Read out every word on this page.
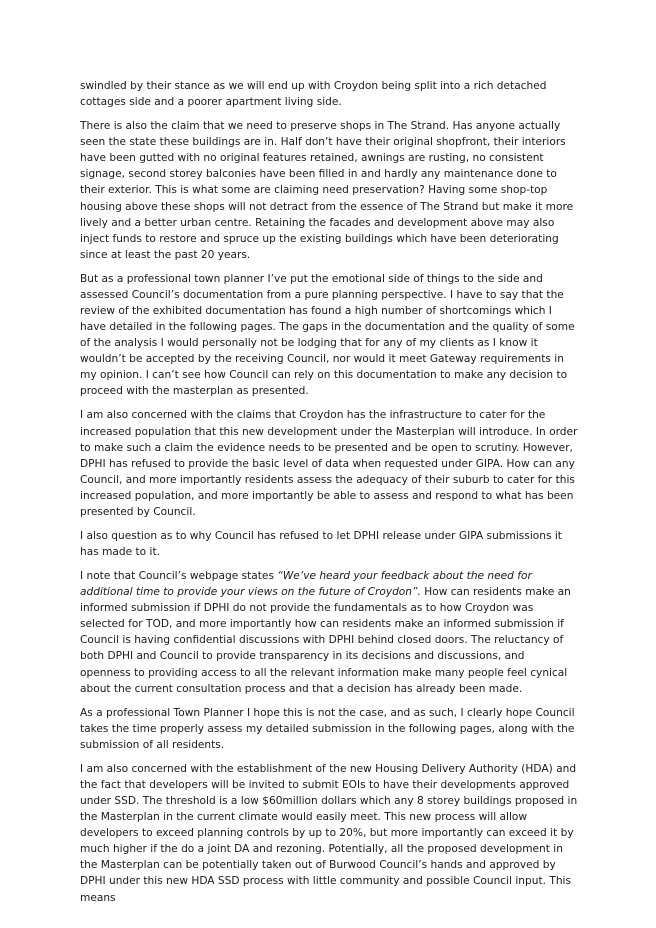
swindled by their stance as we will end up with Croydon being split into a rich detached cottages side and a poorer apartment living side.

There is also the claim that we need to preserve shops in The Strand. Has anyone actually seen the state these buildings are in. Half don’t have their original shopfront, their interiors have been gutted with no original features retained, awnings are rusting, no consistent signage, second storey balconies have been filled in and hardly any maintenance done to their exterior. This is what some are claiming need preservation? Having some shop-top housing above these shops will not detract from the essence of The Strand but make it more lively and a better urban centre. Retaining the facades and development above may also inject funds to restore and spruce up the existing buildings which have been deteriorating since at least the past 20 years.

But as a professional town planner I’ve put the emotional side of things to the side and assessed Council’s documentation from a pure planning perspective. I have to say that the review of the exhibited documentation has found a high number of shortcomings which I have detailed in the following pages. The gaps in the documentation and the quality of some of the analysis I would personally not be lodging that for any of my clients as I know it wouldn’t be accepted by the receiving Council, nor would it meet Gateway requirements in my opinion. I can’t see how Council can rely on this documentation to make any decision to proceed with the masterplan as presented.

I am also concerned with the claims that Croydon has the infrastructure to cater for the increased population that this new development under the Masterplan will introduce. In order to make such a claim the evidence needs to be presented and be open to scrutiny. However, DPHI has refused to provide the basic level of data when requested under GIPA. How can any Council, and more importantly residents assess the adequacy of their suburb to cater for this increased population, and more importantly be able to assess and respond to what has been presented by Council.

I also question as to why Council has refused to let DPHI release under GIPA submissions it has made to it.

I note that Council’s webpage states “We’ve heard your feedback about the need for additional time to provide your views on the future of Croydon”. How can residents make an informed submission if DPHI do not provide the fundamentals as to how Croydon was selected for TOD, and more importantly how can residents make an informed submission if Council is having confidential discussions with DPHI behind closed doors. The reluctancy of both DPHI and Council to provide transparency in its decisions and discussions, and openness to providing access to all the relevant information make many people feel cynical about the current consultation process and that a decision has already been made.

As a professional Town Planner I hope this is not the case, and as such, I clearly hope Council takes the time properly assess my detailed submission in the following pages, along with the submission of all residents.

I am also concerned with the establishment of the new Housing Delivery Authority (HDA) and the fact that developers will be invited to submit EOIs to have their developments approved under SSD. The threshold is a low $60million dollars which any 8 storey buildings proposed in the Masterplan in the current climate would easily meet. This new process will allow developers to exceed planning controls by up to 20%, but more importantly can exceed it by much higher if the do a joint DA and rezoning. Potentially, all the proposed development in the Masterplan can be potentially taken out of Burwood Council’s hands and approved by DPHI under this new HDA SSD process with little community and possible Council input. This means
